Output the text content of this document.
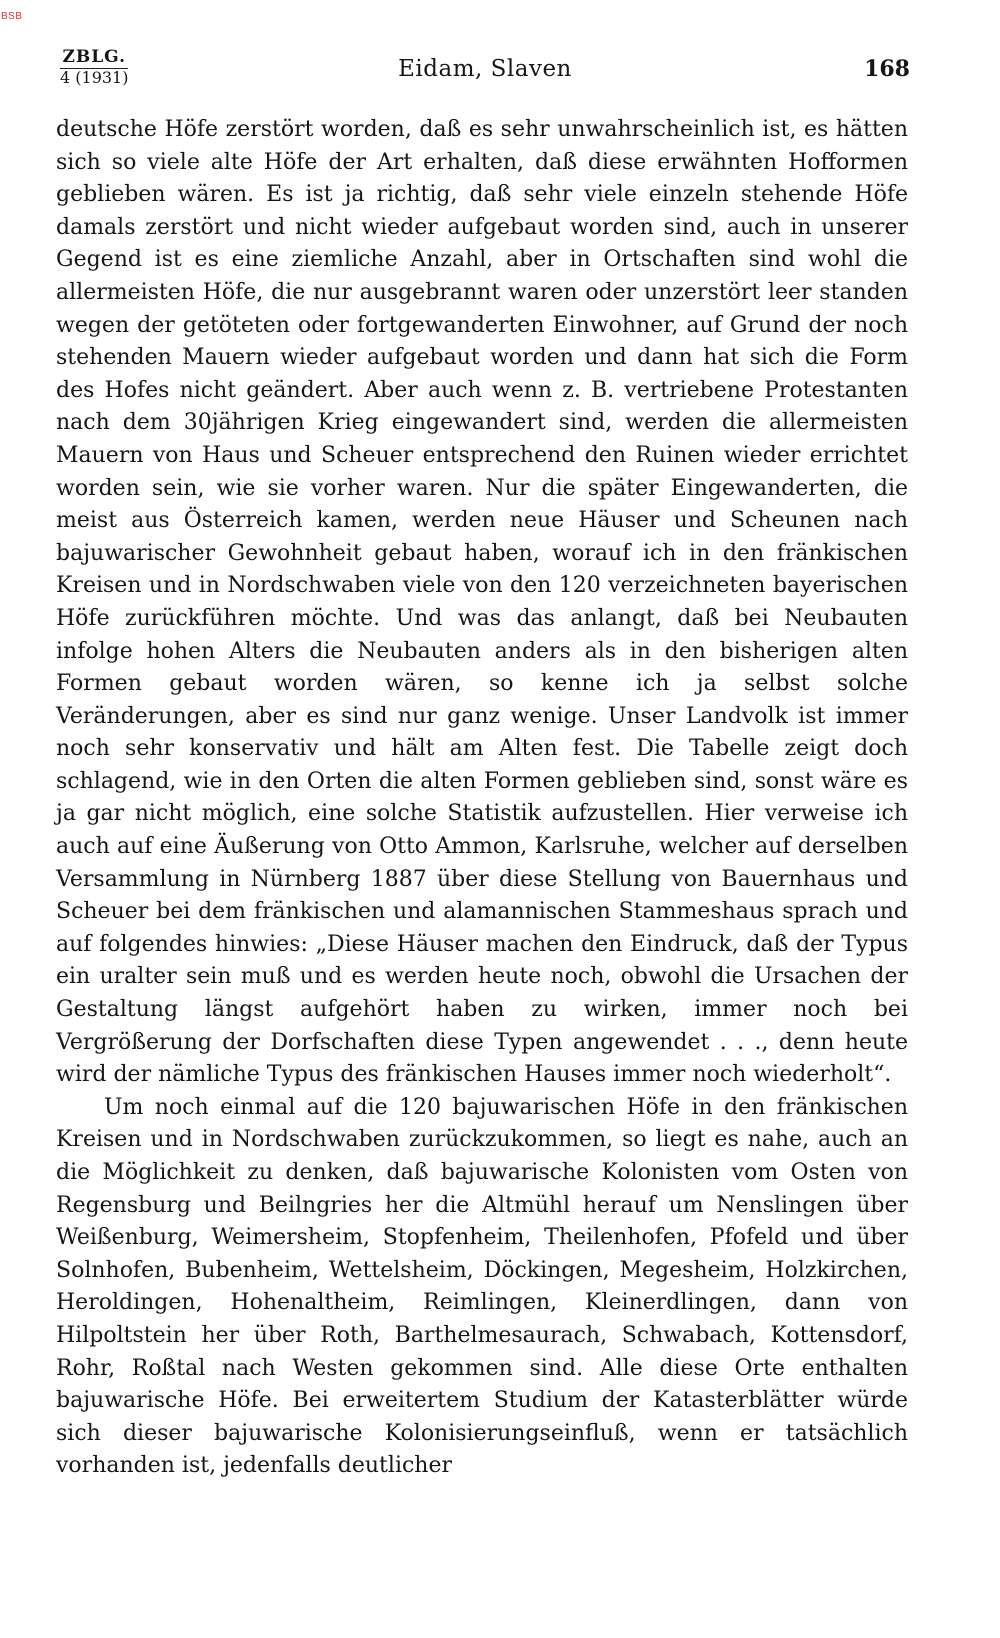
BSB
ZBLG.
4 (1931)	Eidam, Slaven	168

deutsche Höfe zerstört worden, daß es sehr unwahrscheinlich ist, es hätten sich so viele alte Höfe der Art erhalten, daß diese erwähnten Hofformen geblieben wären. Es ist ja richtig, daß sehr viele einzeln stehende Höfe damals zerstört und nicht wieder aufgebaut worden sind, auch in unserer Gegend ist es eine ziemliche Anzahl, aber in Ortschaften sind wohl die allermeisten Höfe, die nur ausgebrannt waren oder unzerstört leer standen wegen der getöteten oder fortgewanderten Einwohner, auf Grund der noch stehenden Mauern wieder aufgebaut worden und dann hat sich die Form des Hofes nicht geändert. Aber auch wenn z. B. vertriebene Protestanten nach dem 30jährigen Krieg eingewandert sind, werden die allermeisten Mauern von Haus und Scheuer entsprechend den Ruinen wieder errichtet worden sein, wie sie vorher waren. Nur die später Eingewanderten, die meist aus Österreich kamen, werden neue Häuser und Scheunen nach bajuwarischer Gewohnheit gebaut haben, worauf ich in den fränkischen Kreisen und in Nordschwaben viele von den 120 verzeichneten bayerischen Höfe zurückführen möchte. Und was das anlangt, daß bei Neubauten infolge hohen Alters die Neubauten anders als in den bisherigen alten Formen gebaut worden wären, so kenne ich ja selbst solche Veränderungen, aber es sind nur ganz wenige. Unser Landvolk ist immer noch sehr konservativ und hält am Alten fest. Die Tabelle zeigt doch schlagend, wie in den Orten die alten Formen geblieben sind, sonst wäre es ja gar nicht möglich, eine solche Statistik aufzustellen. Hier verweise ich auch auf eine Äußerung von Otto Ammon, Karlsruhe, welcher auf derselben Versammlung in Nürnberg 1887 über diese Stellung von Bauernhaus und Scheuer bei dem fränkischen und alamannischen Stammeshaus sprach und auf folgendes hinwies: „Diese Häuser machen den Eindruck, daß der Typus ein uralter sein muß und es werden heute noch, obwohl die Ursachen der Gestaltung längst aufgehört haben zu wirken, immer noch bei Vergrößerung der Dorfschaften diese Typen angewendet . . ., denn heute wird der nämliche Typus des fränkischen Hauses immer noch wiederholt“.

Um noch einmal auf die 120 bajuwarischen Höfe in den fränkischen Kreisen und in Nordschwaben zurückzukommen, so liegt es nahe, auch an die Möglichkeit zu denken, daß bajuwarische Kolonisten vom Osten von Regensburg und Beilngries her die Altmühl herauf um Nenslingen über Weißenburg, Weimersheim, Stopfenheim, Theilenhofen, Pfofeld und über Solnhofen, Bubenheim, Wettelsheim, Döckingen, Megesheim, Holzkirchen, Heroldingen, Hohenaltheim, Reimlingen, Kleinerdlingen, dann von Hilpoltstein her über Roth, Barthelmesaurach, Schwabach, Kottensdorf, Rohr, Roßtal nach Westen gekommen sind. Alle diese Orte enthalten bajuwarische Höfe. Bei erweitertem Studium der Katasterblätter würde sich dieser bajuwarische Kolonisierungseinfluß, wenn er tatsächlich vorhanden ist, jedenfalls deutlicher
